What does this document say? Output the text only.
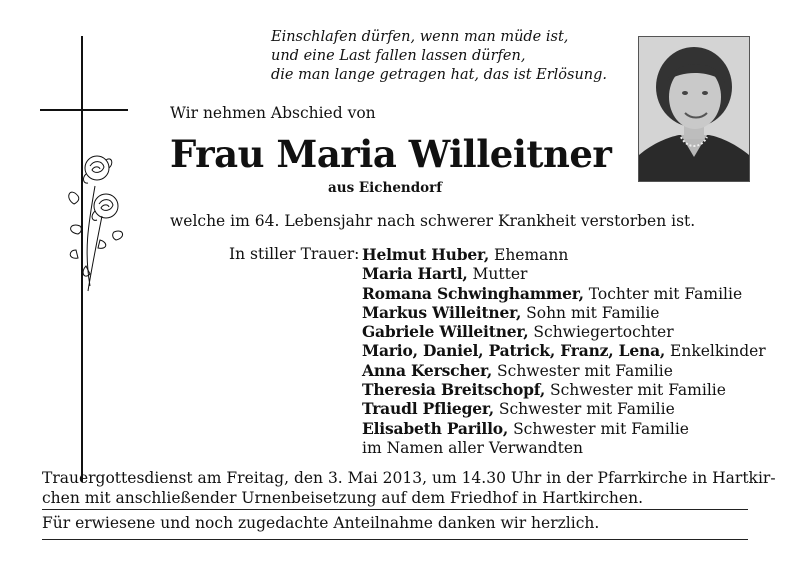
Einschlafen dürfen, wenn man müde ist,
und eine Last fallen lassen dürfen,
die man lange getragen hat, das ist Erlösung.
Wir nehmen Abschied von
Frau Maria Willeitner
aus Eichendorf
welche im 64. Lebensjahr nach schwerer Krankheit verstorben ist.
In stiller Trauer: Helmut Huber, Ehemann
Maria Hartl, Mutter
Romana Schwinghammer, Tochter mit Familie
Markus Willeitner, Sohn mit Familie
Gabriele Willeitner, Schwiegertochter
Mario, Daniel, Patrick, Franz, Lena, Enkelkinder
Anna Kerscher, Schwester mit Familie
Theresia Breitschopf, Schwester mit Familie
Traudl Pflieger, Schwester mit Familie
Elisabeth Parillo, Schwester mit Familie
im Namen aller Verwandten
Trauergottesdienst am Freitag, den 3. Mai 2013, um 14.30 Uhr in der Pfarrkirche in Hartkir-
chen mit anschließender Urnenbeisetzung auf dem Friedhof in Hartkirchen.
Für erwiesene und noch zugedachte Anteilnahme danken wir herzlich.
